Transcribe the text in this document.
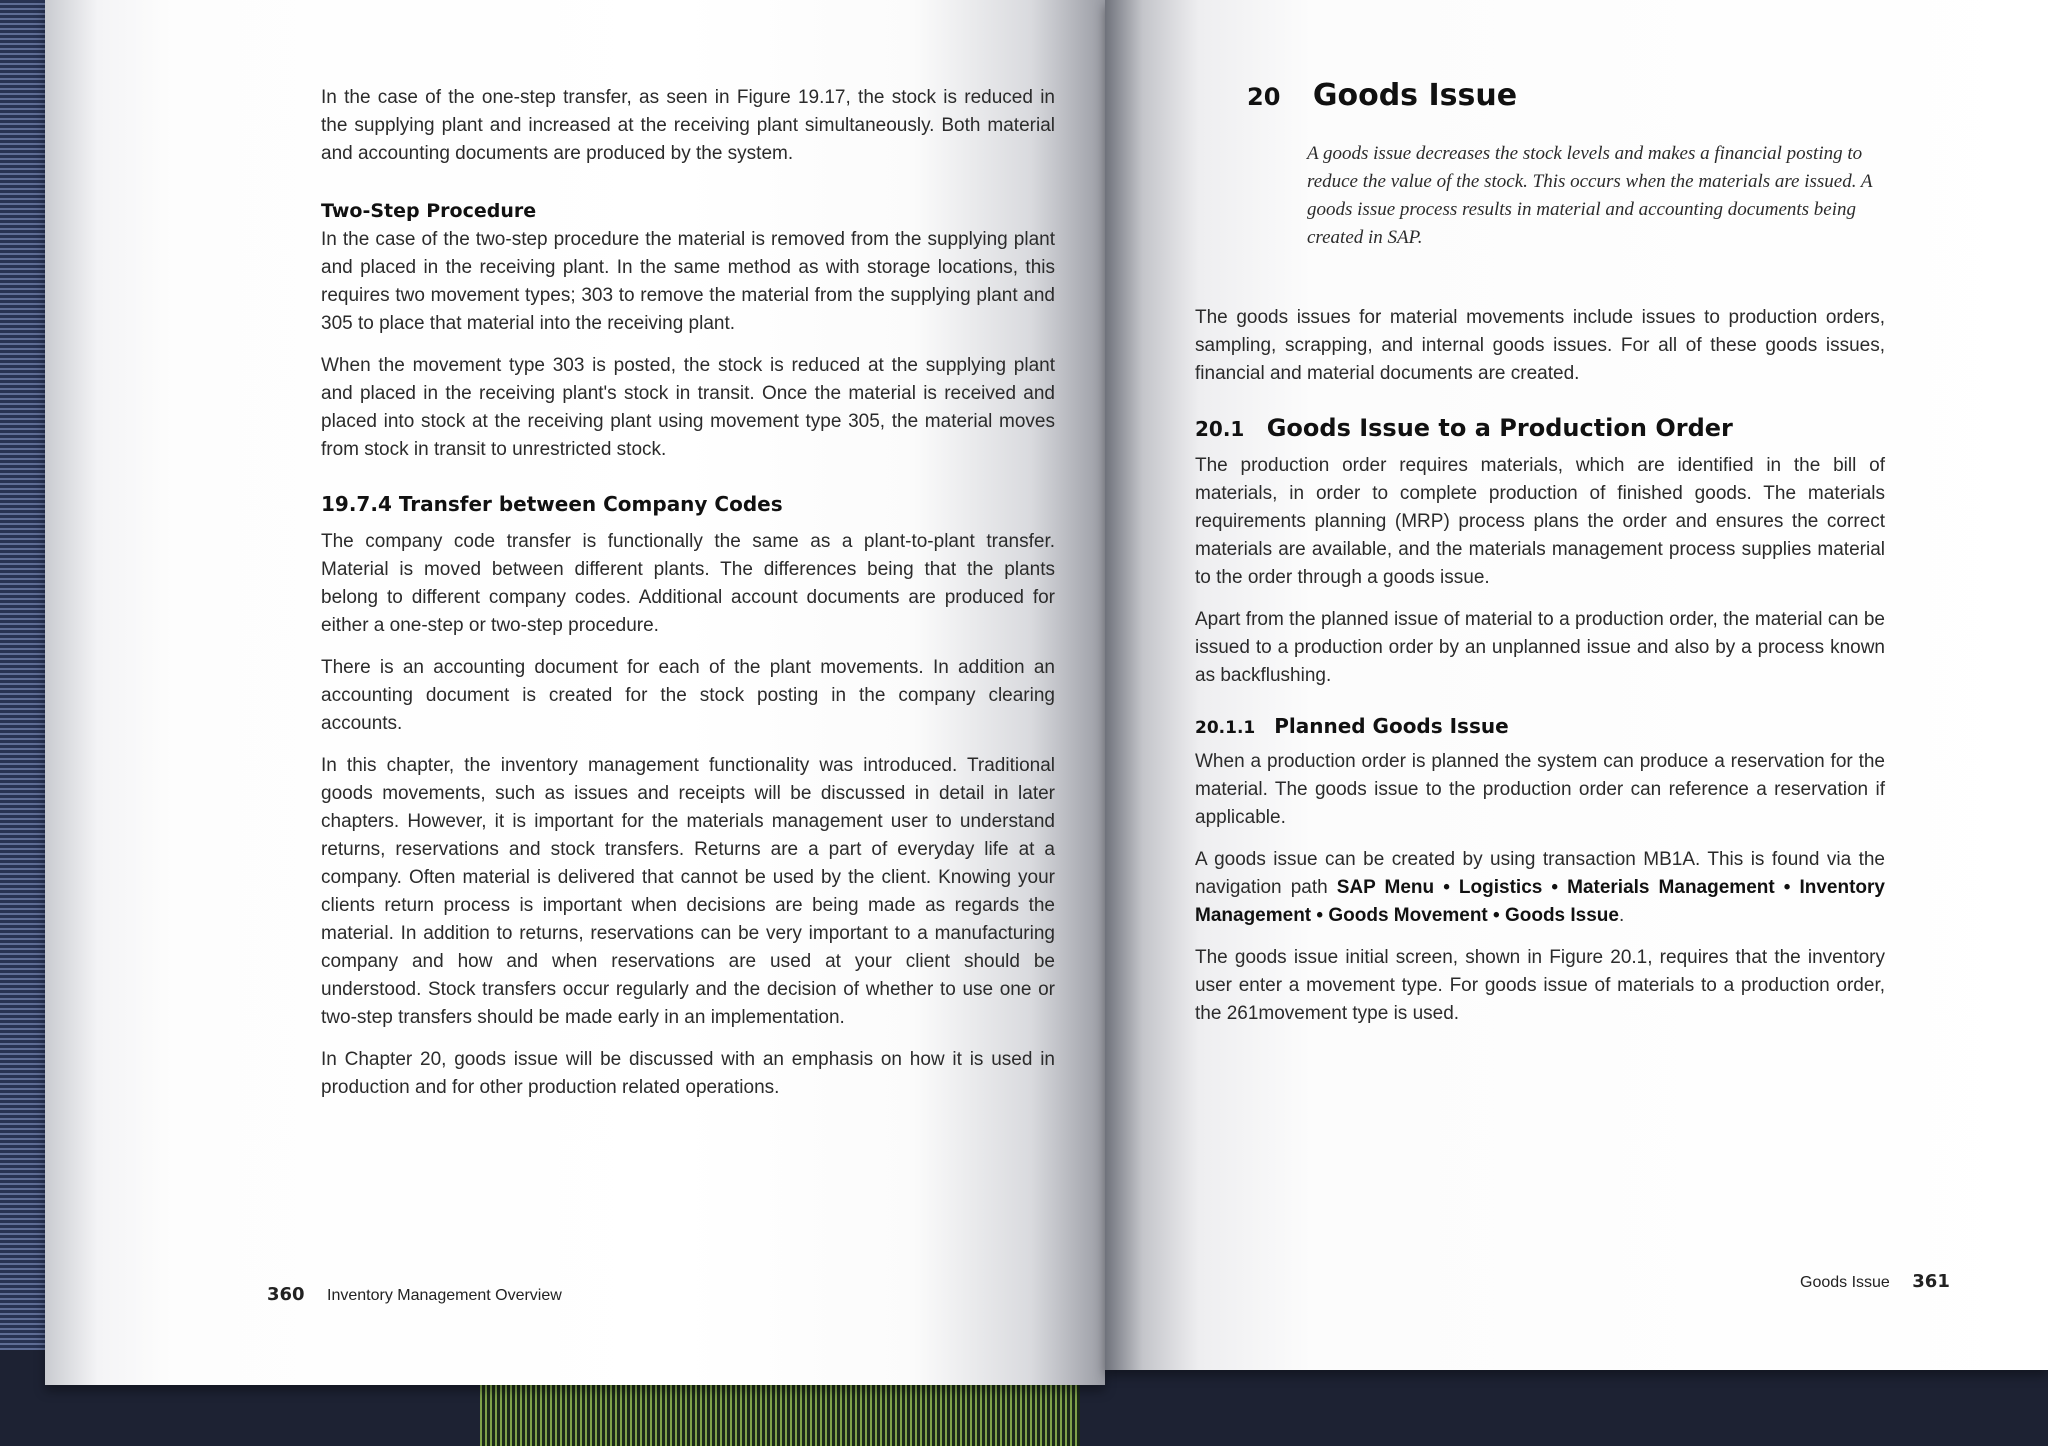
In the case of the one-step transfer, as seen in Figure 19.17, the stock is reduced in the supplying plant and increased at the receiving plant simultaneously. Both material and accounting documents are produced by the system.

Two-Step Procedure

In the case of the two-step procedure the material is removed from the supplying plant and placed in the receiving plant. In the same method as with storage locations, this requires two movement types; 303 to remove the material from the supplying plant and 305 to place that material into the receiving plant.

When the movement type 303 is posted, the stock is reduced at the supplying plant and placed in the receiving plant's stock in transit. Once the material is received and placed into stock at the receiving plant using movement type 305, the material moves from stock in transit to unrestricted stock.

19.7.4 Transfer between Company Codes

The company code transfer is functionally the same as a plant-to-plant transfer. Material is moved between different plants. The differences being that the plants belong to different company codes. Additional account documents are produced for either a one-step or two-step procedure.

There is an accounting document for each of the plant movements. In addition an accounting document is created for the stock posting in the company clearing accounts.

In this chapter, the inventory management functionality was introduced. Traditional goods movements, such as issues and receipts will be discussed in detail in later chapters. However, it is important for the materials management user to understand returns, reservations and stock transfers. Returns are a part of everyday life at a company. Often material is delivered that cannot be used by the client. Knowing your clients return process is important when decisions are being made as regards the material. In addition to returns, reservations can be very important to a manufacturing company and how and when reservations are used at your client should be understood. Stock transfers occur regularly and the decision of whether to use one or two-step transfers should be made early in an implementation.

In Chapter 20, goods issue will be discussed with an emphasis on how it is used in production and for other production related operations.

360 Inventory Management Overview
20 Goods Issue
A goods issue decreases the stock levels and makes a financial posting to reduce the value of the stock. This occurs when the materials are issued. A goods issue process results in material and accounting documents being created in SAP.

The goods issues for material movements include issues to production orders, sampling, scrapping, and internal goods issues. For all of these goods issues, financial and material documents are created.

20.1 Goods Issue to a Production Order

The production order requires materials, which are identified in the bill of materials, in order to complete production of finished goods. The materials requirements planning (MRP) process plans the order and ensures the correct materials are available, and the materials management process supplies material to the order through a goods issue.

Apart from the planned issue of material to a production order, the material can be issued to a production order by an unplanned issue and also by a process known as backflushing.

20.1.1 Planned Goods Issue

When a production order is planned the system can produce a reservation for the material. The goods issue to the production order can reference a reservation if applicable.

A goods issue can be created by using transaction MB1A. This is found via the navigation path SAP Menu • Logistics • Materials Management • Inventory Management • Goods Movement • Goods Issue.

The goods issue initial screen, shown in Figure 20.1, requires that the inventory user enter a movement type. For goods issue of materials to a production order, the 261movement type is used.

Goods Issue 361
